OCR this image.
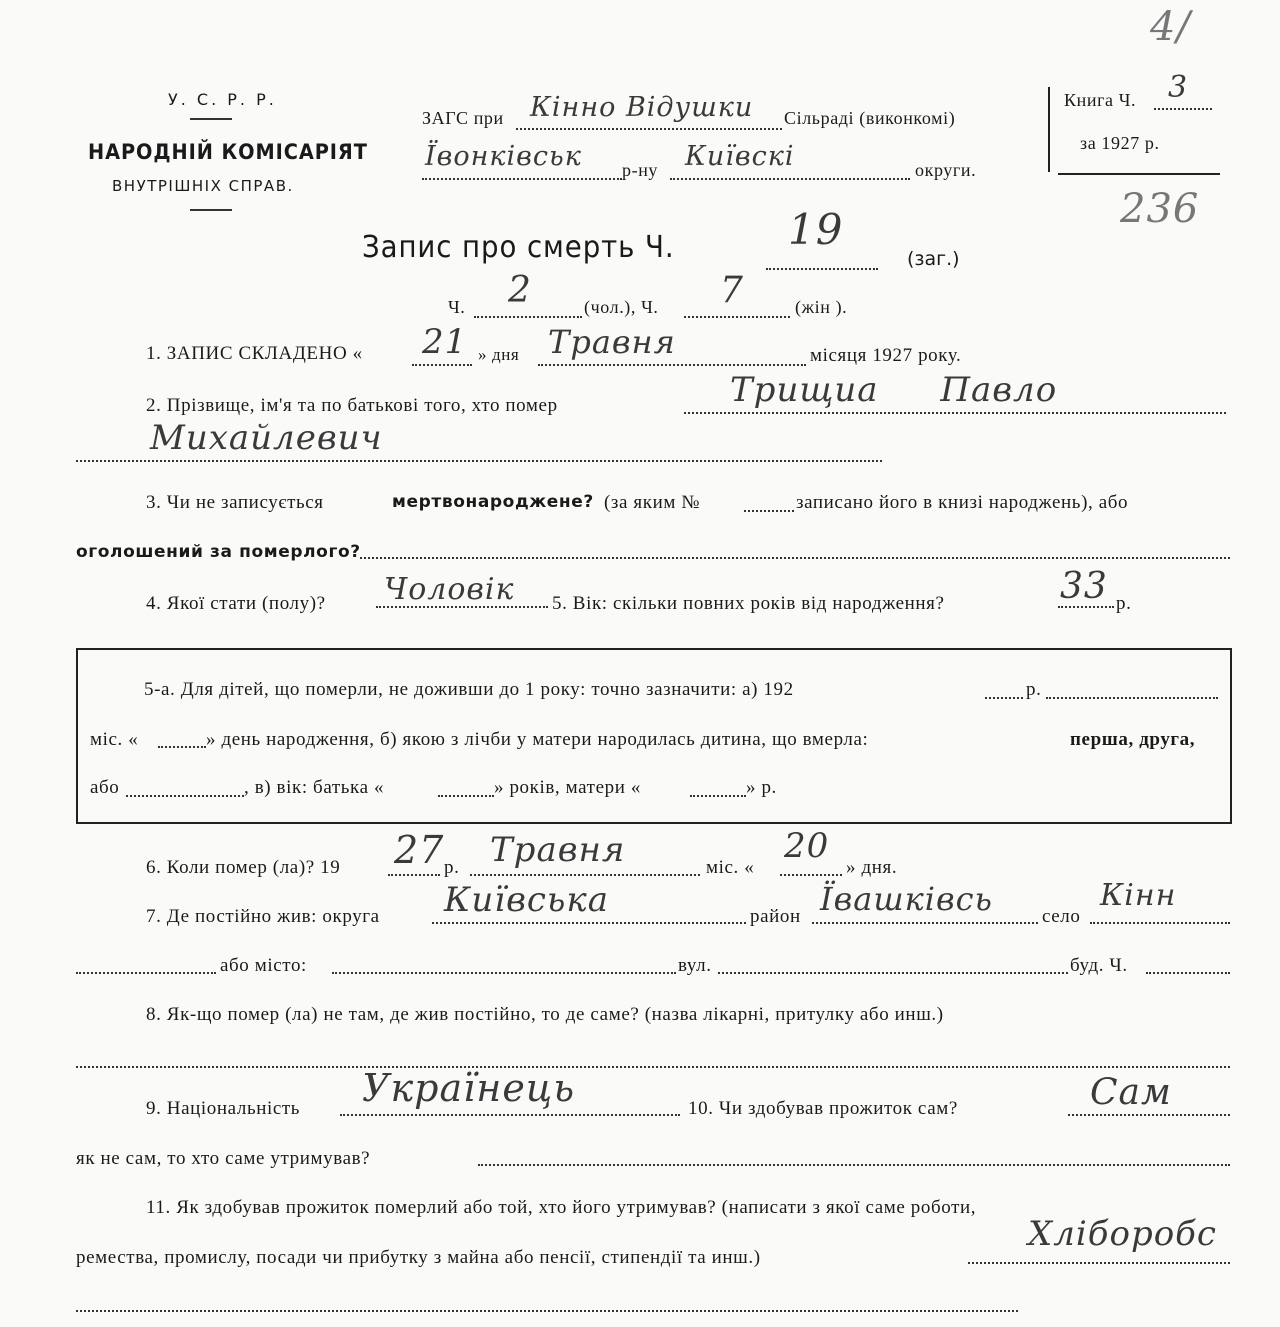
У. С. Р. Р.
НАРОДНІЙ КОМІСАРІЯТ
ВНУТРІШНІХ СПРАВ.
ЗАГС при Кінно Відушки Сільраді (виконкомі)
Ївонківськ р-ну Київскі	округи.
Книга Ч. 3
за 1927 р.
4/
236
Запис про смерть Ч.	19
(заг.)
Ч. 2	(чол.), Ч. 7	(жін ).
1. ЗАПИС СКЛАДЕНО « 21 » дня Травня	місяця 1927 року.
2. Прізвище, ім'я та по батькові того, хто помер	Трищиа Павло
Михайлевич
3. Чи не записується	мертвонароджене? (за яким №	записано його в книзі народжень), або
оголошений за померлого?
4. Якої стати (полу)? Чоловік 5. Вік: скільки повних років від народження?	33 р.
5-а. Для дітей, що померли, не доживши до 1 року: точно зазначити: а) 192	р.
міс. «	» день народження, б) якою з лічби у матери народилась дитина, що вмерла:	перша, друга,
або	, в) вік: батька «	» років, матери «	» р.
6. Коли помер (ла)? 19 27 р. Травня	міс. «
20
» дня.
7. Де постійно жив: округа Київська	район Ївашківсь	село
Кінн
або місто:	вул.	буд. Ч.
8. Як-що помер (ла) не там, де жив постійно, то де саме? (назва лікарні, притулку або инш.)
9. Національність Українець	10. Чи здобував прожиток сам?	Сам
як не сам, то хто саме утримував?
11. Як здобував прожиток померлий або той, хто його утримував? (написати з якої саме роботи,
ремества, промислу, посади чи прибутку з майна або пенсії, стипендії та инш.)
Хліборобс
